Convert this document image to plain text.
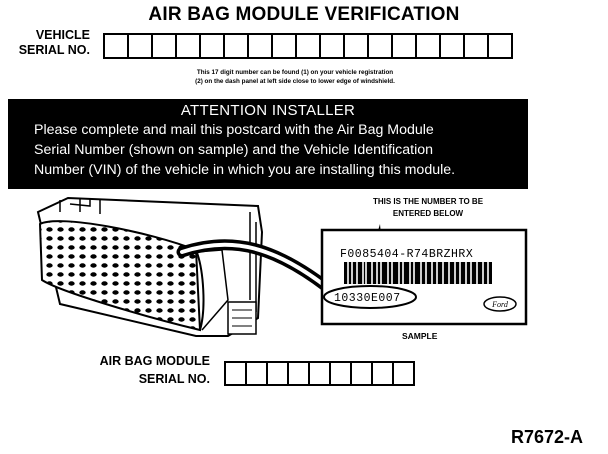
AIR BAG MODULE VERIFICATION
VEHICLE
SERIAL NO.
This 17 digit number can be found (1) on your vehicle registration
(2) on the dash panel at left side close to lower edge of windshield.
ATTENTION INSTALLER
Please complete and mail this postcard with the Air Bag Module
Serial Number (shown on sample) and the Vehicle Identification
Number (VIN) of the vehicle in which you are installing this module.
F0085404-R74BRZHRX
10330E007	Ford
THIS IS THE NUMBER TO BE
ENTERED BELOW
SAMPLE
AIR BAG MODULE
SERIAL NO.
R7672-A
